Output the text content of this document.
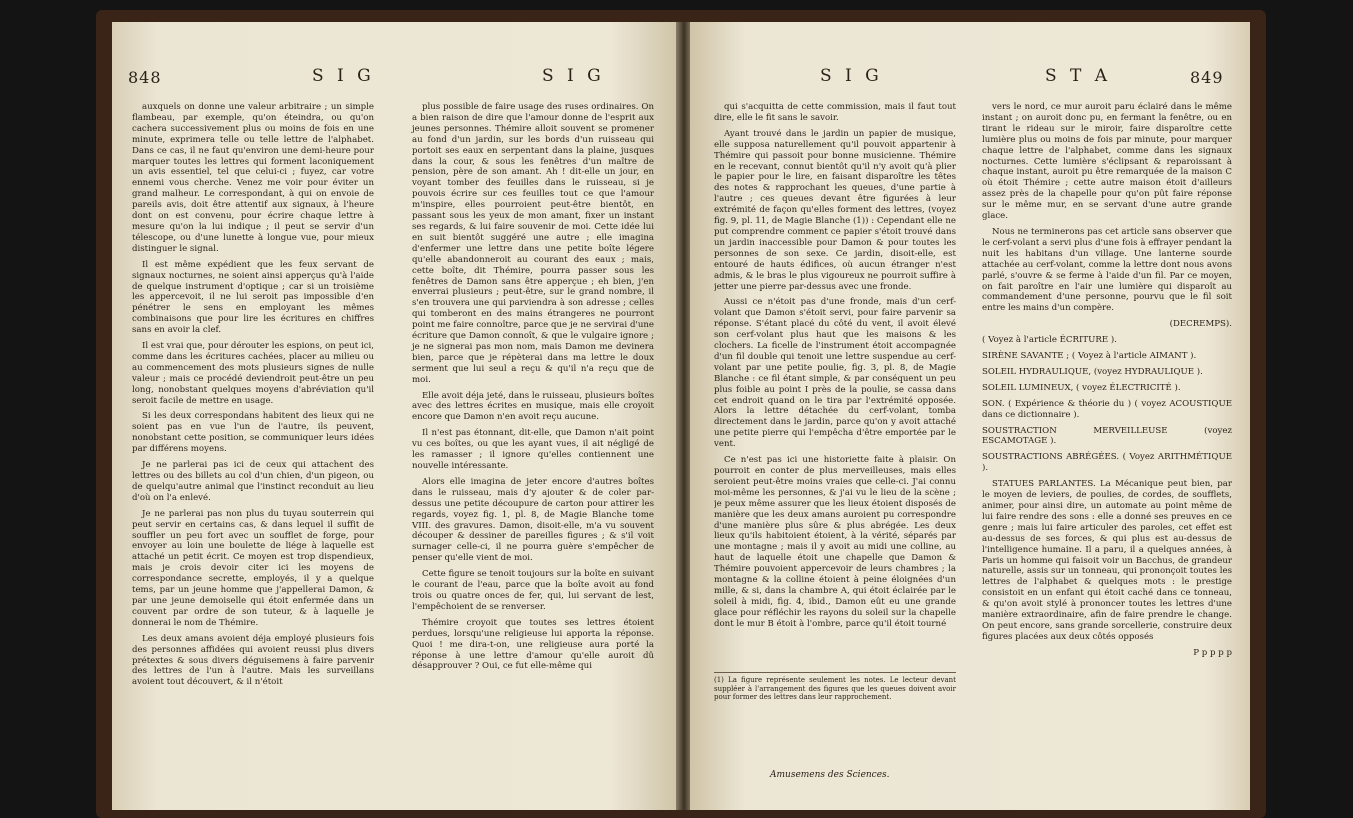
848	S I G	S I G

auxquels on donne une valeur arbitraire ; un simple flambeau, par exemple, qu'on éteindra, ou qu'on cachera successivement plus ou moins de fois en une minute, exprimera telle ou telle lettre de l'alphabet. Dans ce cas, il ne faut qu'environ une demi-heure pour marquer toutes les lettres qui forment laconiquement un avis essentiel, tel que celui-ci ; fuyez, car votre ennemi vous cherche. Venez me voir pour éviter un grand malheur. Le correspondant, à qui on envoie de pareils avis, doit être attentif aux signaux, à l'heure dont on est convenu, pour écrire chaque lettre à mesure qu'on la lui indique ; il peut se servir d'un télescope, ou d'une lunette à longue vue, pour mieux distinguer le signal.

Il est même expédient que les feux servant de signaux nocturnes, ne soient ainsi apperçus qu'à l'aide de quelque instrument d'optique ; car si un troisième les appercevoit, il ne lui seroit pas impossible d'en pénétrer le sens en employant les mêmes combinaisons que pour lire les écritures en chiffres sans en avoir la clef.

Il est vrai que, pour dérouter les espions, on peut ici, comme dans les écritures cachées, placer au milieu ou au commencement des mots plusieurs signes de nulle valeur ; mais ce procédé deviendroit peut-être un peu long, nonobstant quelques moyens d'abréviation qu'il seroit facile de mettre en usage.

Si les deux correspondans habitent des lieux qui ne soient pas en vue l'un de l'autre, ils peuvent, nonobstant cette position, se communiquer leurs idées par différens moyens.

Je ne parlerai pas ici de ceux qui attachent des lettres ou des billets au col d'un chien, d'un pigeon, ou de quelqu'autre animal que l'instinct reconduit au lieu d'où on l'a enlevé.

Je ne parlerai pas non plus du tuyau souterrein qui peut servir en certains cas, & dans lequel il suffit de souffler un peu fort avec un soufflet de forge, pour envoyer au loin une boulette de liége à laquelle est attaché un petit écrit. Ce moyen est trop dispendieux, mais je crois devoir citer ici les moyens de correspondance secrette, employés, il y a quelque tems, par un jeune homme que j'appellerai Damon, & par une jeune demoiselle qui étoit enfermée dans un couvent par ordre de son tuteur, & à laquelle je donnerai le nom de Thémire.

Les deux amans avoient déja employé plusieurs fois des personnes affidées qui avoient reussi plus divers prétextes & sous divers déguisemens à faire parvenir des lettres de l'un à l'autre. Mais les surveillans avoient tout découvert, & il n'étoit

plus possible de faire usage des ruses ordinaires. On a bien raison de dire que l'amour donne de l'esprit aux jeunes personnes. Thémire alloit souvent se promener au fond d'un jardin, sur les bords d'un ruisseau qui portoit ses eaux en serpentant dans la plaine, jusques dans la cour, & sous les fenêtres d'un maître de pension, père de son amant. Ah ! dit-elle un jour, en voyant tomber des feuilles dans le ruisseau, si je pouvois écrire sur ces feuilles tout ce que l'amour m'inspire, elles pourroient peut-être bientôt, en passant sous les yeux de mon amant, fixer un instant ses regards, & lui faire souvenir de moi. Cette idée lui en suit bientôt suggéré une autre ; elle imagina d'enfermer une lettre dans une petite boîte légere qu'elle abandonneroit au courant des eaux ; mais, cette boîte, dit Thémire, pourra passer sous les fenêtres de Damon sans être apperçue ; eh bien, j'en enverrai plusieurs ; peut-être, sur le grand nombre, il s'en trouvera une qui parviendra à son adresse ; celles qui tomberont en des mains étrangeres ne pourront point me faire connoître, parce que je ne servirai d'une écriture que Damon connoît, & que le vulgaire ignore ; je ne signerai pas mon nom, mais Damon me devinera bien, parce que je répèterai dans ma lettre le doux serment que lui seul a reçu & qu'il n'a reçu que de moi.

Elle avoit déja jeté, dans le ruisseau, plusieurs boîtes avec des lettres écrites en musique, mais elle croyoit encore que Damon n'en avoit reçu aucune.

Il n'est pas étonnant, dit-elle, que Damon n'ait point vu ces boîtes, ou que les ayant vues, il ait négligé de les ramasser ; il ignore qu'elles contiennent une nouvelle intéressante.

Alors elle imagina de jeter encore d'autres boîtes dans le ruisseau, mais d'y ajouter & de coler par-dessus une petite découpure de carton pour attirer les regards, voyez fig. 1, pl. 8, de Magie Blanche tome VIII. des gravures. Damon, disoit-elle, m'a vu souvent découper & dessiner de pareilles figures ; & s'il voit surnager celle-ci, il ne pourra guère s'empêcher de penser qu'elle vient de moi.

Cette figure se tenoit toujours sur la boîte en suivant le courant de l'eau, parce que la boîte avoit au fond trois ou quatre onces de fer, qui, lui servant de lest, l'empêchoient de se renverser.

Thémire croyoit que toutes ses lettres étoient perdues, lorsqu'une religieuse lui apporta la réponse. Quoi ! me dira-t-on, une religieuse aura porté la réponse à une lettre d'amour qu'elle auroit dû désapprouver ? Oui, ce fut elle-même qui

S I G	S T A	849

qui s'acquitta de cette commission, mais il faut tout dire, elle le fit sans le savoir.

Ayant trouvé dans le jardin un papier de musique, elle supposa naturellement qu'il pouvoit appartenir à Thémire qui passoit pour bonne musicienne. Thémire en le recevant, connut bientôt qu'il n'y avoit qu'à plier le papier pour le lire, en faisant disparoître les têtes des notes & rapprochant les queues, d'une partie à l'autre ; ces queues devant être figurées à leur extrémité de façon qu'elles forment des lettres, (voyez fig. 9, pl. 11, de Magie Blanche (1)) : Cependant elle ne put comprendre comment ce papier s'étoit trouvé dans un jardin inaccessible pour Damon & pour toutes les personnes de son sexe. Ce jardin, disoit-elle, est entouré de hauts édifices, où aucun étranger n'est admis, & le bras le plus vigoureux ne pourroit suffire à jetter une pierre par-dessus avec une fronde.

Aussi ce n'étoit pas d'une fronde, mais d'un cerf-volant que Damon s'étoit servi, pour faire parvenir sa réponse. S'étant placé du côté du vent, il avoit élevé son cerf-volant plus haut que les maisons & les clochers. La ficelle de l'instrument étoit accompagnée d'un fil double qui tenoit une lettre suspendue au cerf-volant par une petite poulie, fig. 3, pl. 8, de Magie Blanche : ce fil étant simple, & par conséquent un peu plus foible au point I près de la poulie, se cassa dans cet endroit quand on le tira par l'extrémité opposée. Alors la lettre détachée du cerf-volant, tomba directement dans le jardin, parce qu'on y avoit attaché une petite pierre qui l'empêcha d'être emportée par le vent.

Ce n'est pas ici une historiette faite à plaisir. On pourroit en conter de plus merveilleuses, mais elles seroient peut-être moins vraies que celle-ci. J'ai connu moi-même les personnes, & j'ai vu le lieu de la scène ; je peux même assurer que les lieux étoient disposés de manière que les deux amans auroient pu correspondre d'une manière plus sûre & plus abrégée. Les deux lieux qu'ils habitoient étoient, à la vérité, séparés par une montagne ; mais il y avoit au midi une colline, au haut de laquelle étoit une chapelle que Damon & Thémire pouvoient appercevoir de leurs chambres ; la montagne & la colline étoient à peine éloignées d'un mille, & si, dans la chambre A, qui étoit éclairée par le soleil à midi, fig. 4, ibid., Damon eût eu une grande glace pour réfléchir les rayons du soleil sur la chapelle dont le mur B étoit à l'ombre, parce qu'il étoit tourné

(1) La figure représente seulement les notes. Le lecteur devant suppléer à l'arrangement des figures que les queues doivent avoir pour former des lettres dans leur rapprochement.
Amusemens des Sciences.

vers le nord, ce mur auroit paru éclairé dans le même instant ; on auroit donc pu, en fermant la fenêtre, ou en tirant le rideau sur le miroir, faire disparoître cette lumière plus ou moins de fois par minute, pour marquer chaque lettre de l'alphabet, comme dans les signaux nocturnes. Cette lumière s'éclipsant & reparoissant à chaque instant, auroit pu être remarquée de la maison C où étoit Thémire ; cette autre maison étoit d'ailleurs assez près de la chapelle pour qu'on pût faire réponse sur le même mur, en se servant d'une autre grande glace.

Nous ne terminerons pas cet article sans observer que le cerf-volant a servi plus d'une fois à effrayer pendant la nuit les habitans d'un village. Une lanterne sourde attachée au cerf-volant, comme la lettre dont nous avons parlé, s'ouvre & se ferme à l'aide d'un fil. Par ce moyen, on fait paroître en l'air une lumière qui disparoît au commandement d'une personne, pourvu que le fil soit entre les mains d'un compère.

(DECREMPS).

( Voyez à l'article ÉCRITURE ).

SIRÈNE SAVANTE ; ( Voyez à l'article AIMANT ).

SOLEIL HYDRAULIQUE, (voyez HYDRAULIQUE ).

SOLEIL LUMINEUX, ( voyez ÉLECTRICITÉ ).

SON. ( Expérience & théorie du ) ( voyez ACOUSTIQUE dans ce dictionnaire ).

SOUSTRACTION MERVEILLEUSE (voyez ESCAMOTAGE ).

SOUSTRACTIONS ABRÉGÉES. ( Voyez ARITHMÉTIQUE ).

STATUES PARLANTES. La Mécanique peut bien, par le moyen de leviers, de poulies, de cordes, de soufflets, animer, pour ainsi dire, un automate au point même de lui faire rendre des sons : elle a donné ses preuves en ce genre ; mais lui faire articuler des paroles, cet effet est au-dessus de ses forces, & qui plus est au-dessus de l'intelligence humaine. Il a paru, il a quelques années, à Paris un homme qui faisoit voir un Bacchus, de grandeur naturelle, assis sur un tonneau, qui prononçoit toutes les lettres de l'alphabet & quelques mots : le prestige consistoit en un enfant qui étoit caché dans ce tonneau, & qu'on avoit stylé à prononcer toutes les lettres d'une manière extraordinaire, afin de faire prendre le change. On peut encore, sans grande sorcellerie, construire deux figures placées aux deux côtés opposés

P p p p p
